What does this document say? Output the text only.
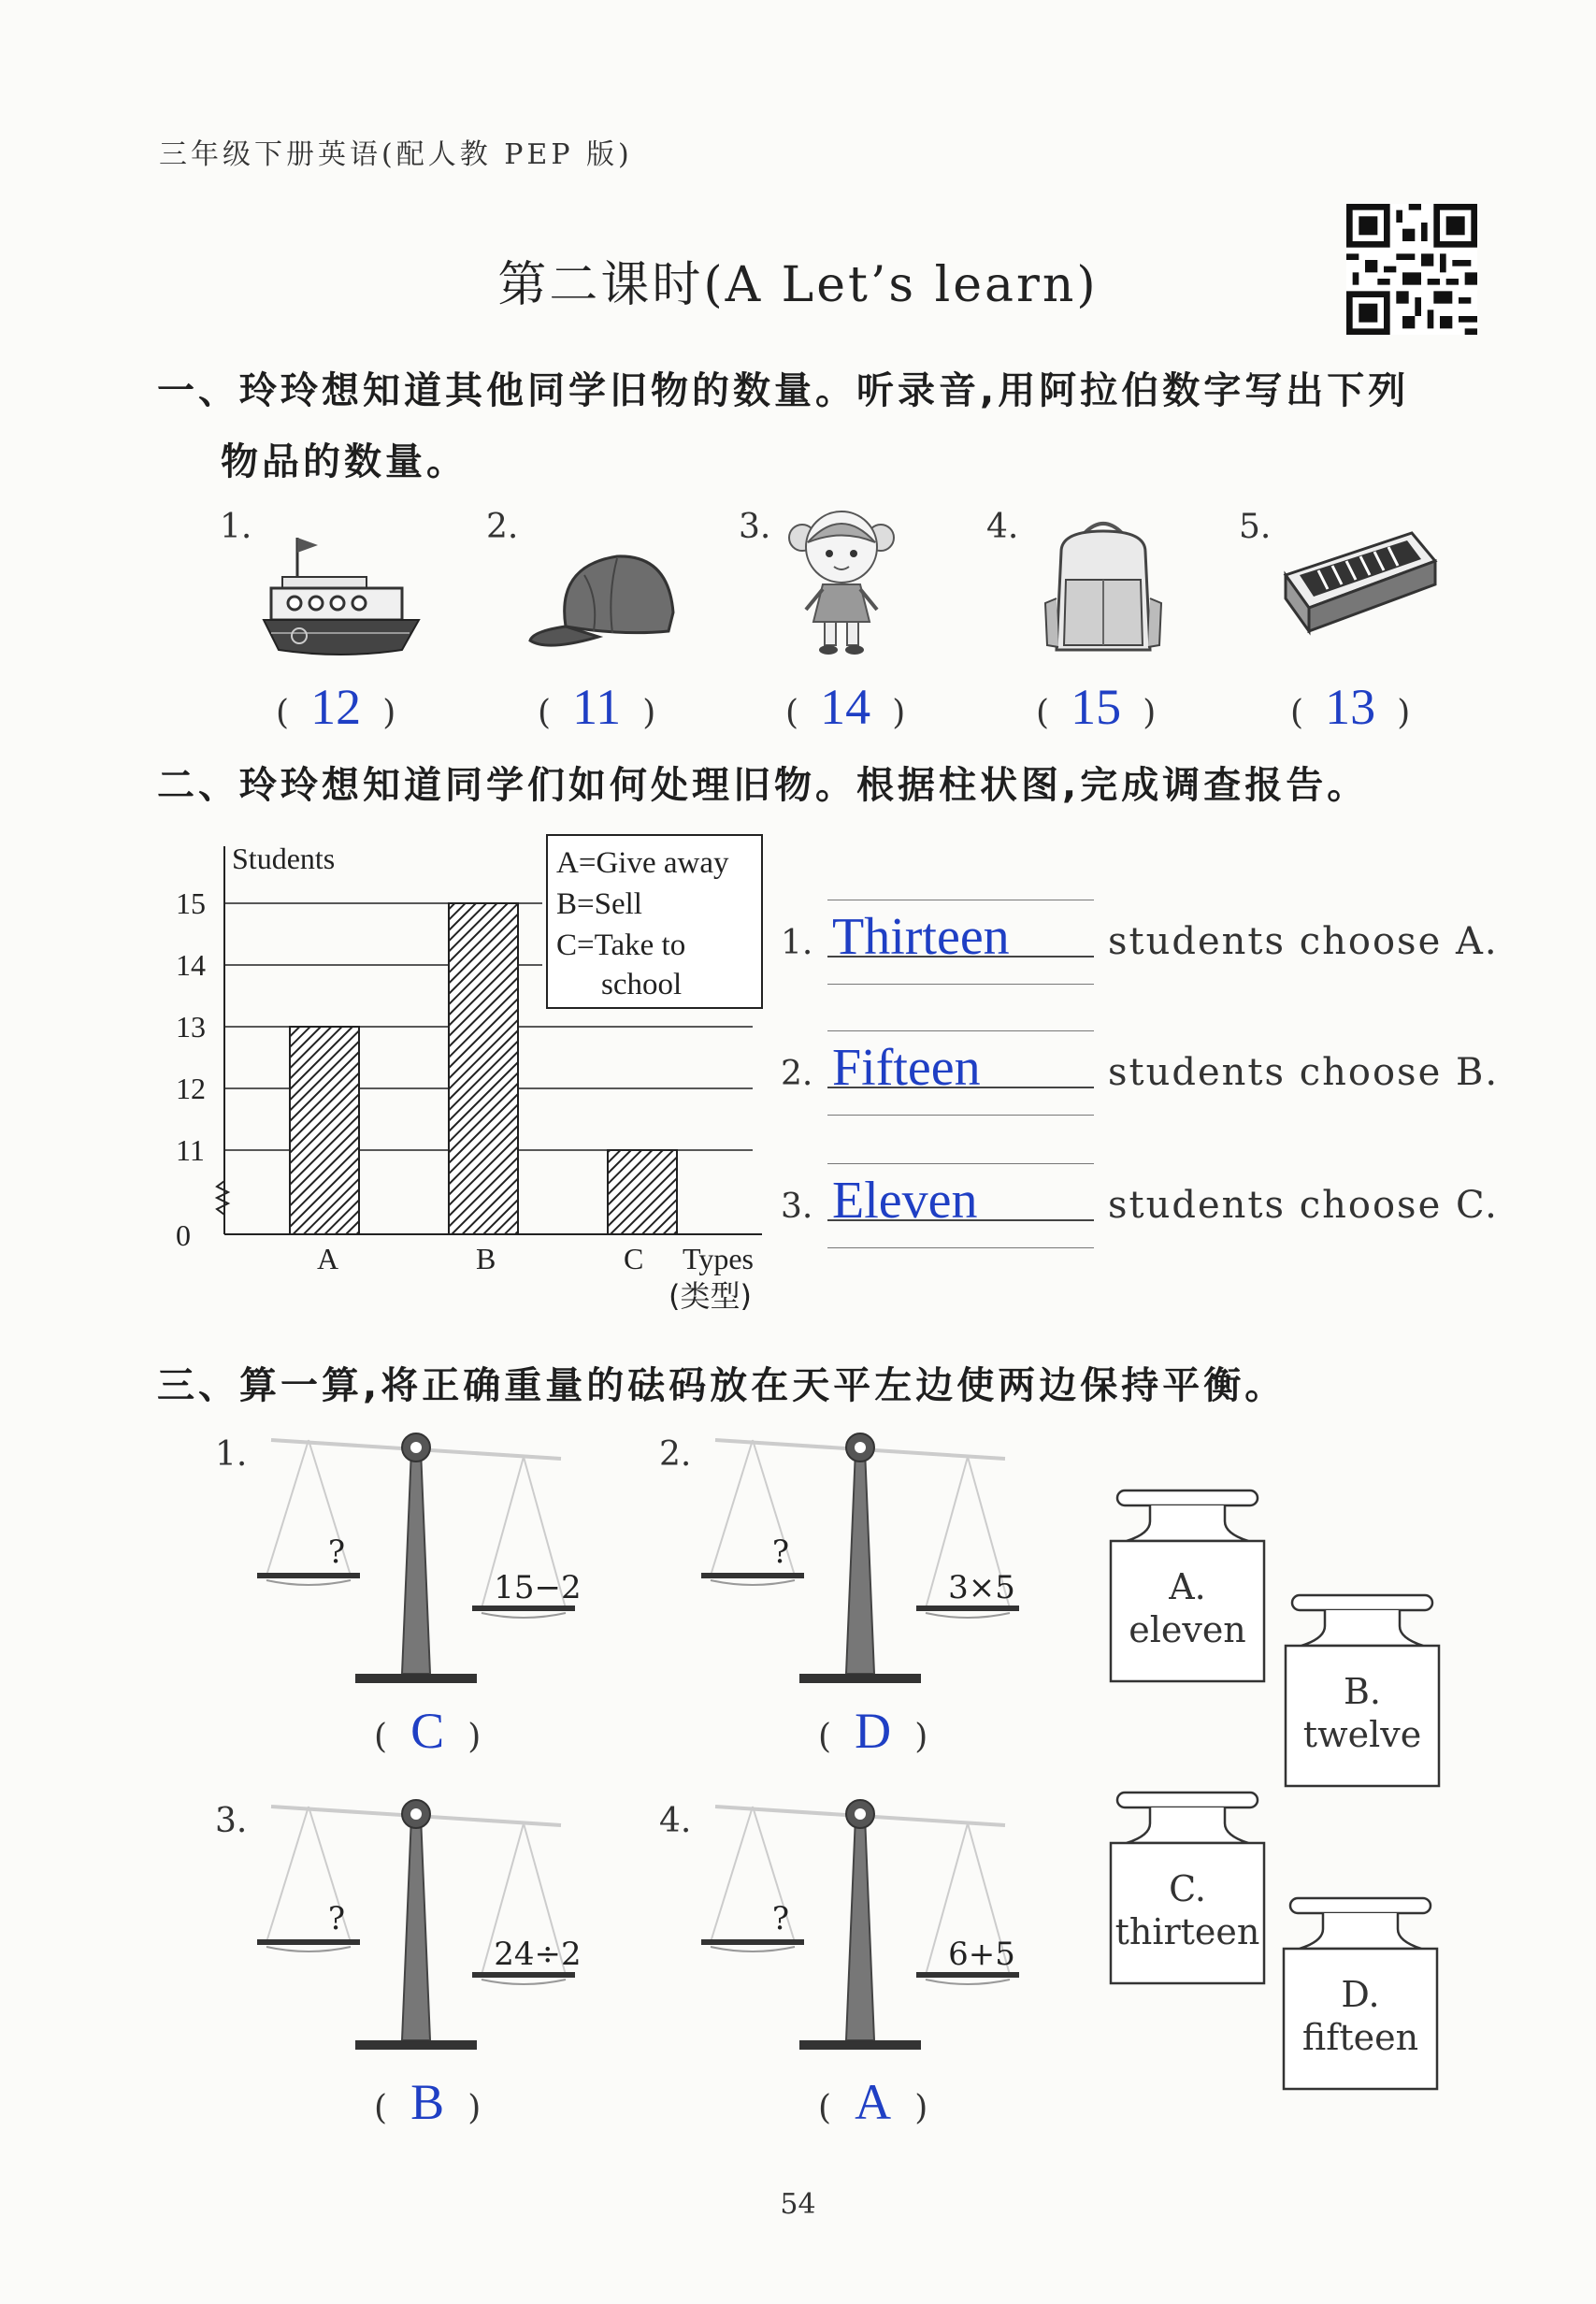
三年级下册英语(配人教 PEP 版)
第二课时(A Let’s learn)
一、玲玲想知道其他同学旧物的数量。听录音,用阿拉伯数字写出下列
物品的数量。
1.	2.	3.	4.	5.
( 12 )	( 11 )	( 14 )	( 15 )	( 13 )
二、玲玲想知道同学们如何处理旧物。根据柱状图,完成调查报告。
15
14
13
12
11
0
A	B	C
Students
Types
(类型)
A=Give away
B=Sell
C=Take to
school
1. Thirteen	students choose A.
2. Fifteen	students choose B.
3. Eleven	students choose C.
三、算一算,将正确重量的砝码放在天平左边使两边保持平衡。
1.
?
15−2
( C )
2.
?
3×5
( D )
3.
?
24÷2
( B )
4.
?
6+5
( A )
A.
eleven
B.
twelve
C.
thirteen
D.
fifteen
54
